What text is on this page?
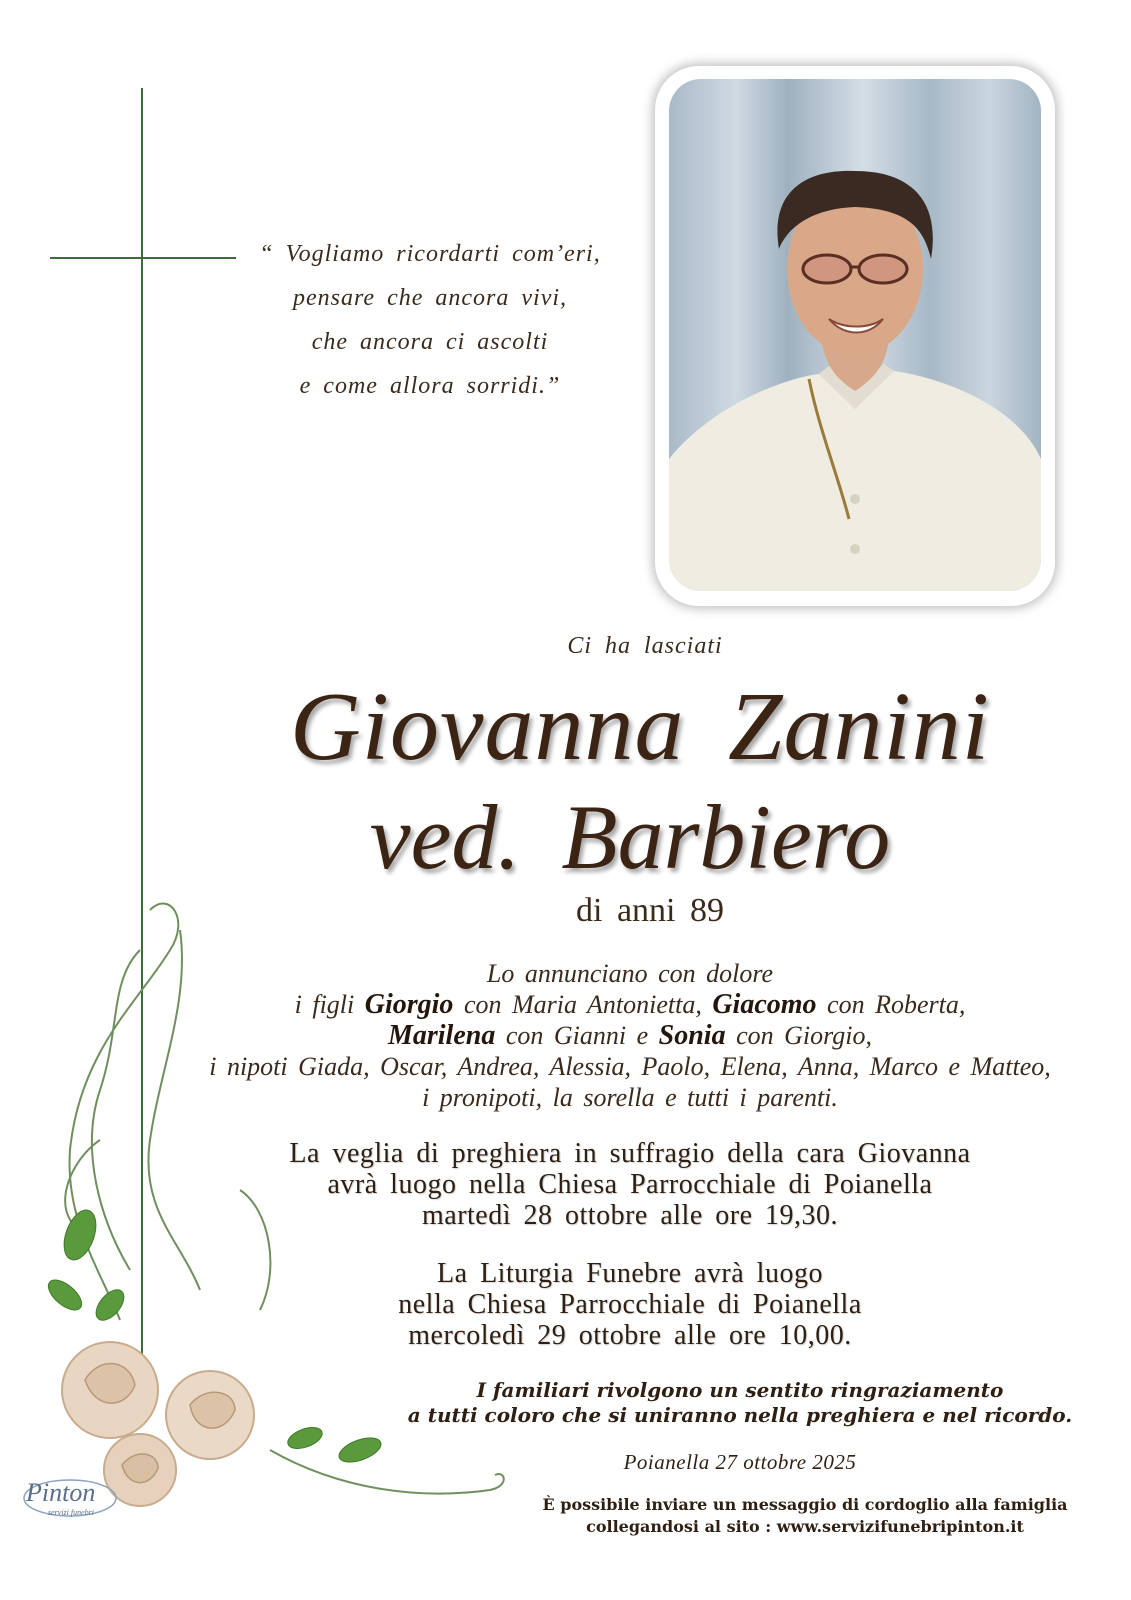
“ Vogliamo ricordarti com’eri,
pensare che ancora vivi,
che ancora ci ascolti
e come allora sorridi.”
Ci ha lasciati
Giovanna Zanini
ved. Barbiero
di anni 89
Lo annunciano con dolore
i figli Giorgio con Maria Antonietta, Giacomo con Roberta,
Marilena con Gianni e Sonia con Giorgio,
i nipoti Giada, Oscar, Andrea, Alessia, Paolo, Elena, Anna, Marco e Matteo,
i pronipoti, la sorella e tutti i parenti.
La veglia di preghiera in suffragio della cara Giovanna
avrà luogo nella Chiesa Parrocchiale di Poianella
martedì 28 ottobre alle ore 19,30.
La Liturgia Funebre avrà luogo
nella Chiesa Parrocchiale di Poianella
mercoledì 29 ottobre alle ore 10,00.
I familiari rivolgono un sentito ringraziamento
a tutti coloro che si uniranno nella preghiera e nel ricordo.
Poianella 27 ottobre 2025
È possibile inviare un messaggio di cordoglio alla famiglia
collegandosi al sito : www.servizifunebripinton.it
Pinton
servizi funebri
